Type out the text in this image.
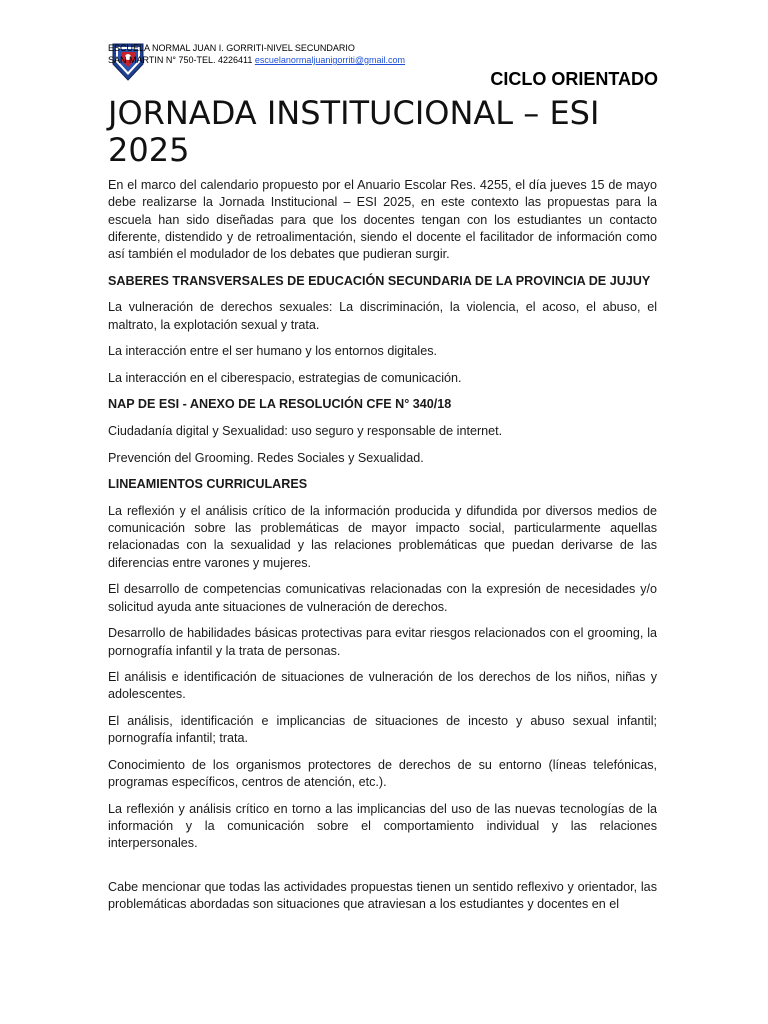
ESCUELA NORMAL JUAN I. GORRITI-NIVEL SECUNDARIO
SAN MARTIN N° 750-TEL. 4226411 escuelanormaljuanigorriti@gmail.com
CICLO ORIENTADO
JORNADA INSTITUCIONAL – ESI 2025

En el marco del calendario propuesto por el Anuario Escolar Res. 4255, el día jueves 15 de mayo debe realizarse la Jornada Institucional – ESI 2025, en este contexto las propuestas para la escuela han sido diseñadas para que los docentes tengan con los estudiantes un contacto diferente, distendido y de retroalimentación, siendo el docente el facilitador de información como así también el modulador de los debates que pudieran surgir.

SABERES TRANSVERSALES DE EDUCACIÓN SECUNDARIA DE LA PROVINCIA DE JUJUY

La vulneración de derechos sexuales: La discriminación, la violencia, el acoso, el abuso, el maltrato, la explotación sexual y trata.

La interacción entre el ser humano y los entornos digitales.

La interacción en el ciberespacio, estrategias de comunicación.

NAP DE ESI - ANEXO DE LA RESOLUCIÓN CFE N° 340/18

Ciudadanía digital y Sexualidad: uso seguro y responsable de internet.

Prevención del Grooming. Redes Sociales y Sexualidad.

LINEAMIENTOS CURRICULARES

La reflexión y el análisis crítico de la información producida y difundida por diversos medios de comunicación sobre las problemáticas de mayor impacto social, particularmente aquellas relacionadas con la sexualidad y las relaciones problemáticas que puedan derivarse de las diferencias entre varones y mujeres.

El desarrollo de competencias comunicativas relacionadas con la expresión de necesidades y/o solicitud ayuda ante situaciones de vulneración de derechos.

Desarrollo de habilidades básicas protectivas para evitar riesgos relacionados con el grooming, la pornografía infantil y la trata de personas.

El análisis e identificación de situaciones de vulneración de los derechos de los niños, niñas y adolescentes.

El análisis, identificación e implicancias de situaciones de incesto y abuso sexual infantil; pornografía infantil; trata.

Conocimiento de los organismos protectores de derechos de su entorno (líneas telefónicas, programas específicos, centros de atención, etc.).

La reflexión y análisis crítico en torno a las implicancias del uso de las nuevas tecnologías de la información y la comunicación sobre el comportamiento individual y las relaciones interpersonales.

Cabe mencionar que todas las actividades propuestas tienen un sentido reflexivo y orientador, las problemáticas abordadas son situaciones que atraviesan a los estudiantes y docentes en el
